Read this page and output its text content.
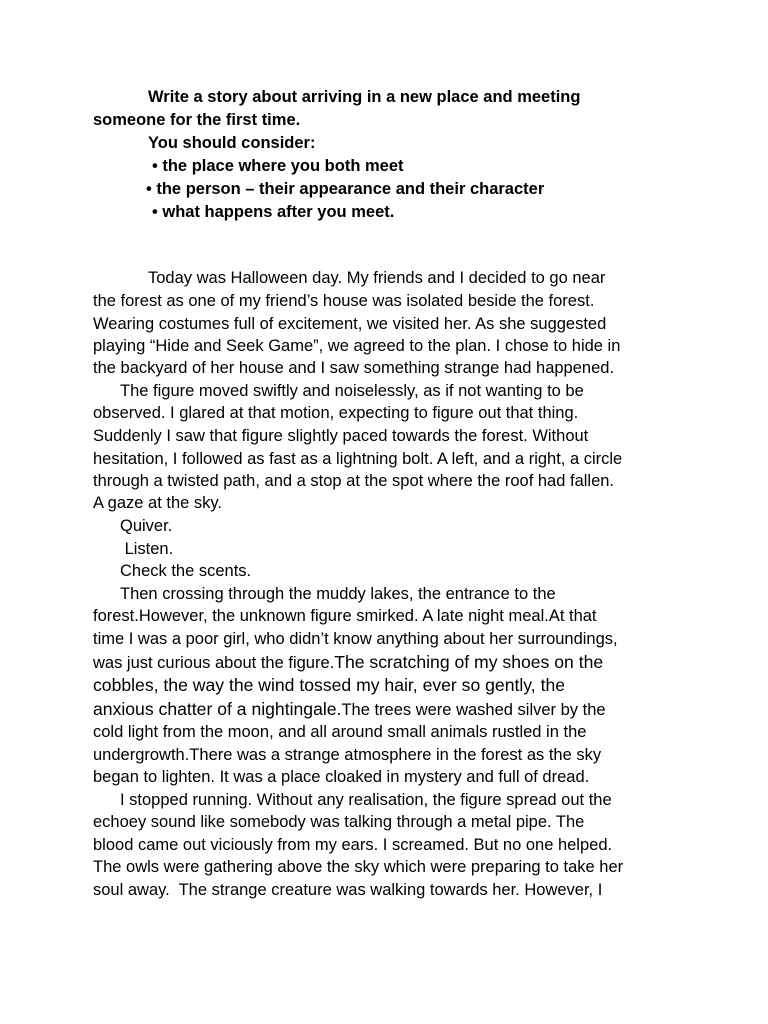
Write a story about arriving in a new place and meeting
someone for the first time.
You should consider:
• the place where you both meet
• the person – their appearance and their character
• what happens after you meet.
Today was Halloween day. My friends and I decided to go near
the forest as one of my friend’s house was isolated beside the forest.
Wearing costumes full of excitement, we visited her. As she suggested
playing “Hide and Seek Game”, we agreed to the plan. I chose to hide in
the backyard of her house and I saw something strange had happened.
The figure moved swiftly and noiselessly, as if not wanting to be
observed. I glared at that motion, expecting to figure out that thing.
Suddenly I saw that figure slightly paced towards the forest. Without
hesitation, I followed as fast as a lightning bolt. A left, and a right, a circle
through a twisted path, and a stop at the spot where the roof had fallen.
A gaze at the sky.
Quiver.
Listen.
Check the scents.
Then crossing through the muddy lakes, the entrance to the
forest.However, the unknown figure smirked. A late night meal.At that
time I was a poor girl, who didn’t know anything about her surroundings,
was just curious about the figure.The scratching of my shoes on the
cobbles, the way the wind tossed my hair, ever so gently, the
anxious chatter of a nightingale.The trees were washed silver by the
cold light from the moon, and all around small animals rustled in the
undergrowth.There was a strange atmosphere in the forest as the sky
began to lighten. It was a place cloaked in mystery and full of dread.
I stopped running. Without any realisation, the figure spread out the
echoey sound like somebody was talking through a metal pipe. The
blood came out viciously from my ears. I screamed. But no one helped.
The owls were gathering above the sky which were preparing to take her
soul away.  The strange creature was walking towards her. However, I
